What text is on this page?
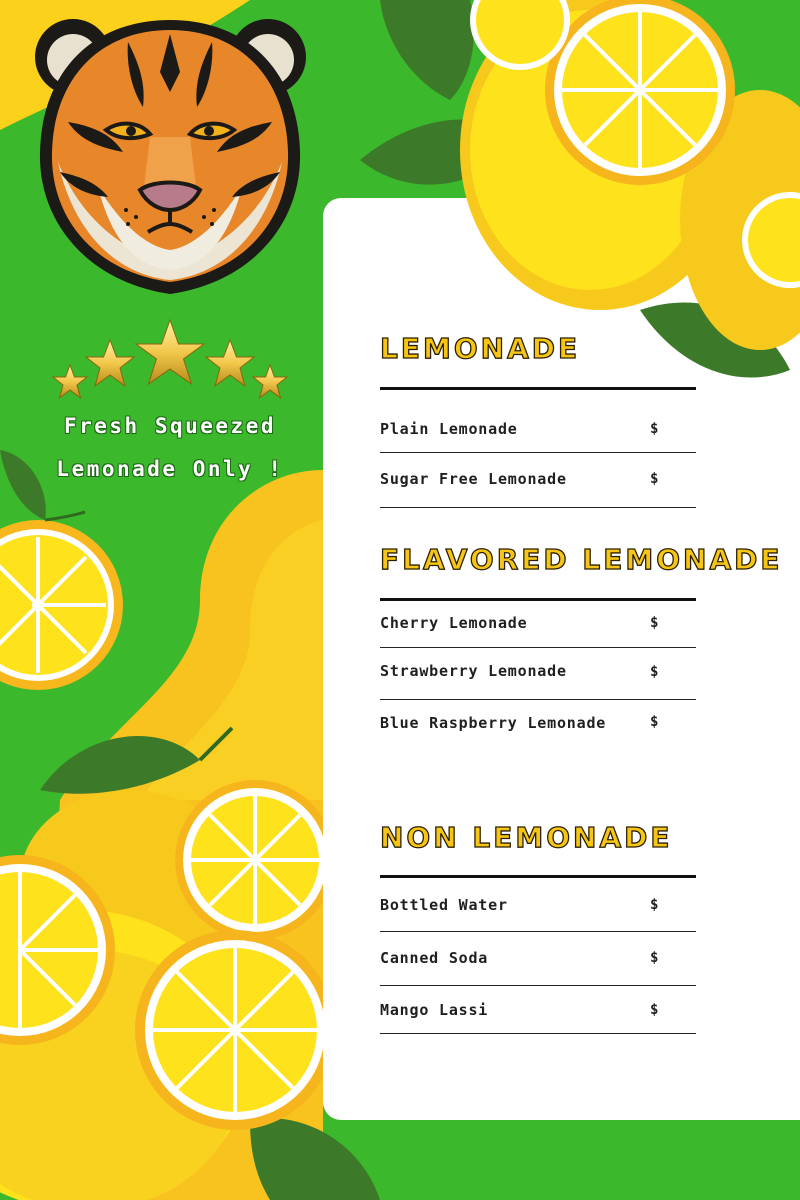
Fresh Squeezed
Lemonade Only !
LEMONADE
Plain Lemonade	$
Sugar Free Lemonade	$
FLAVORED LEMONADE
Cherry Lemonade	$
Strawberry Lemonade	$
Blue Raspberry Lemonade	$
NON LEMONADE
Bottled Water	$
Canned Soda	$
Mango Lassi	$
